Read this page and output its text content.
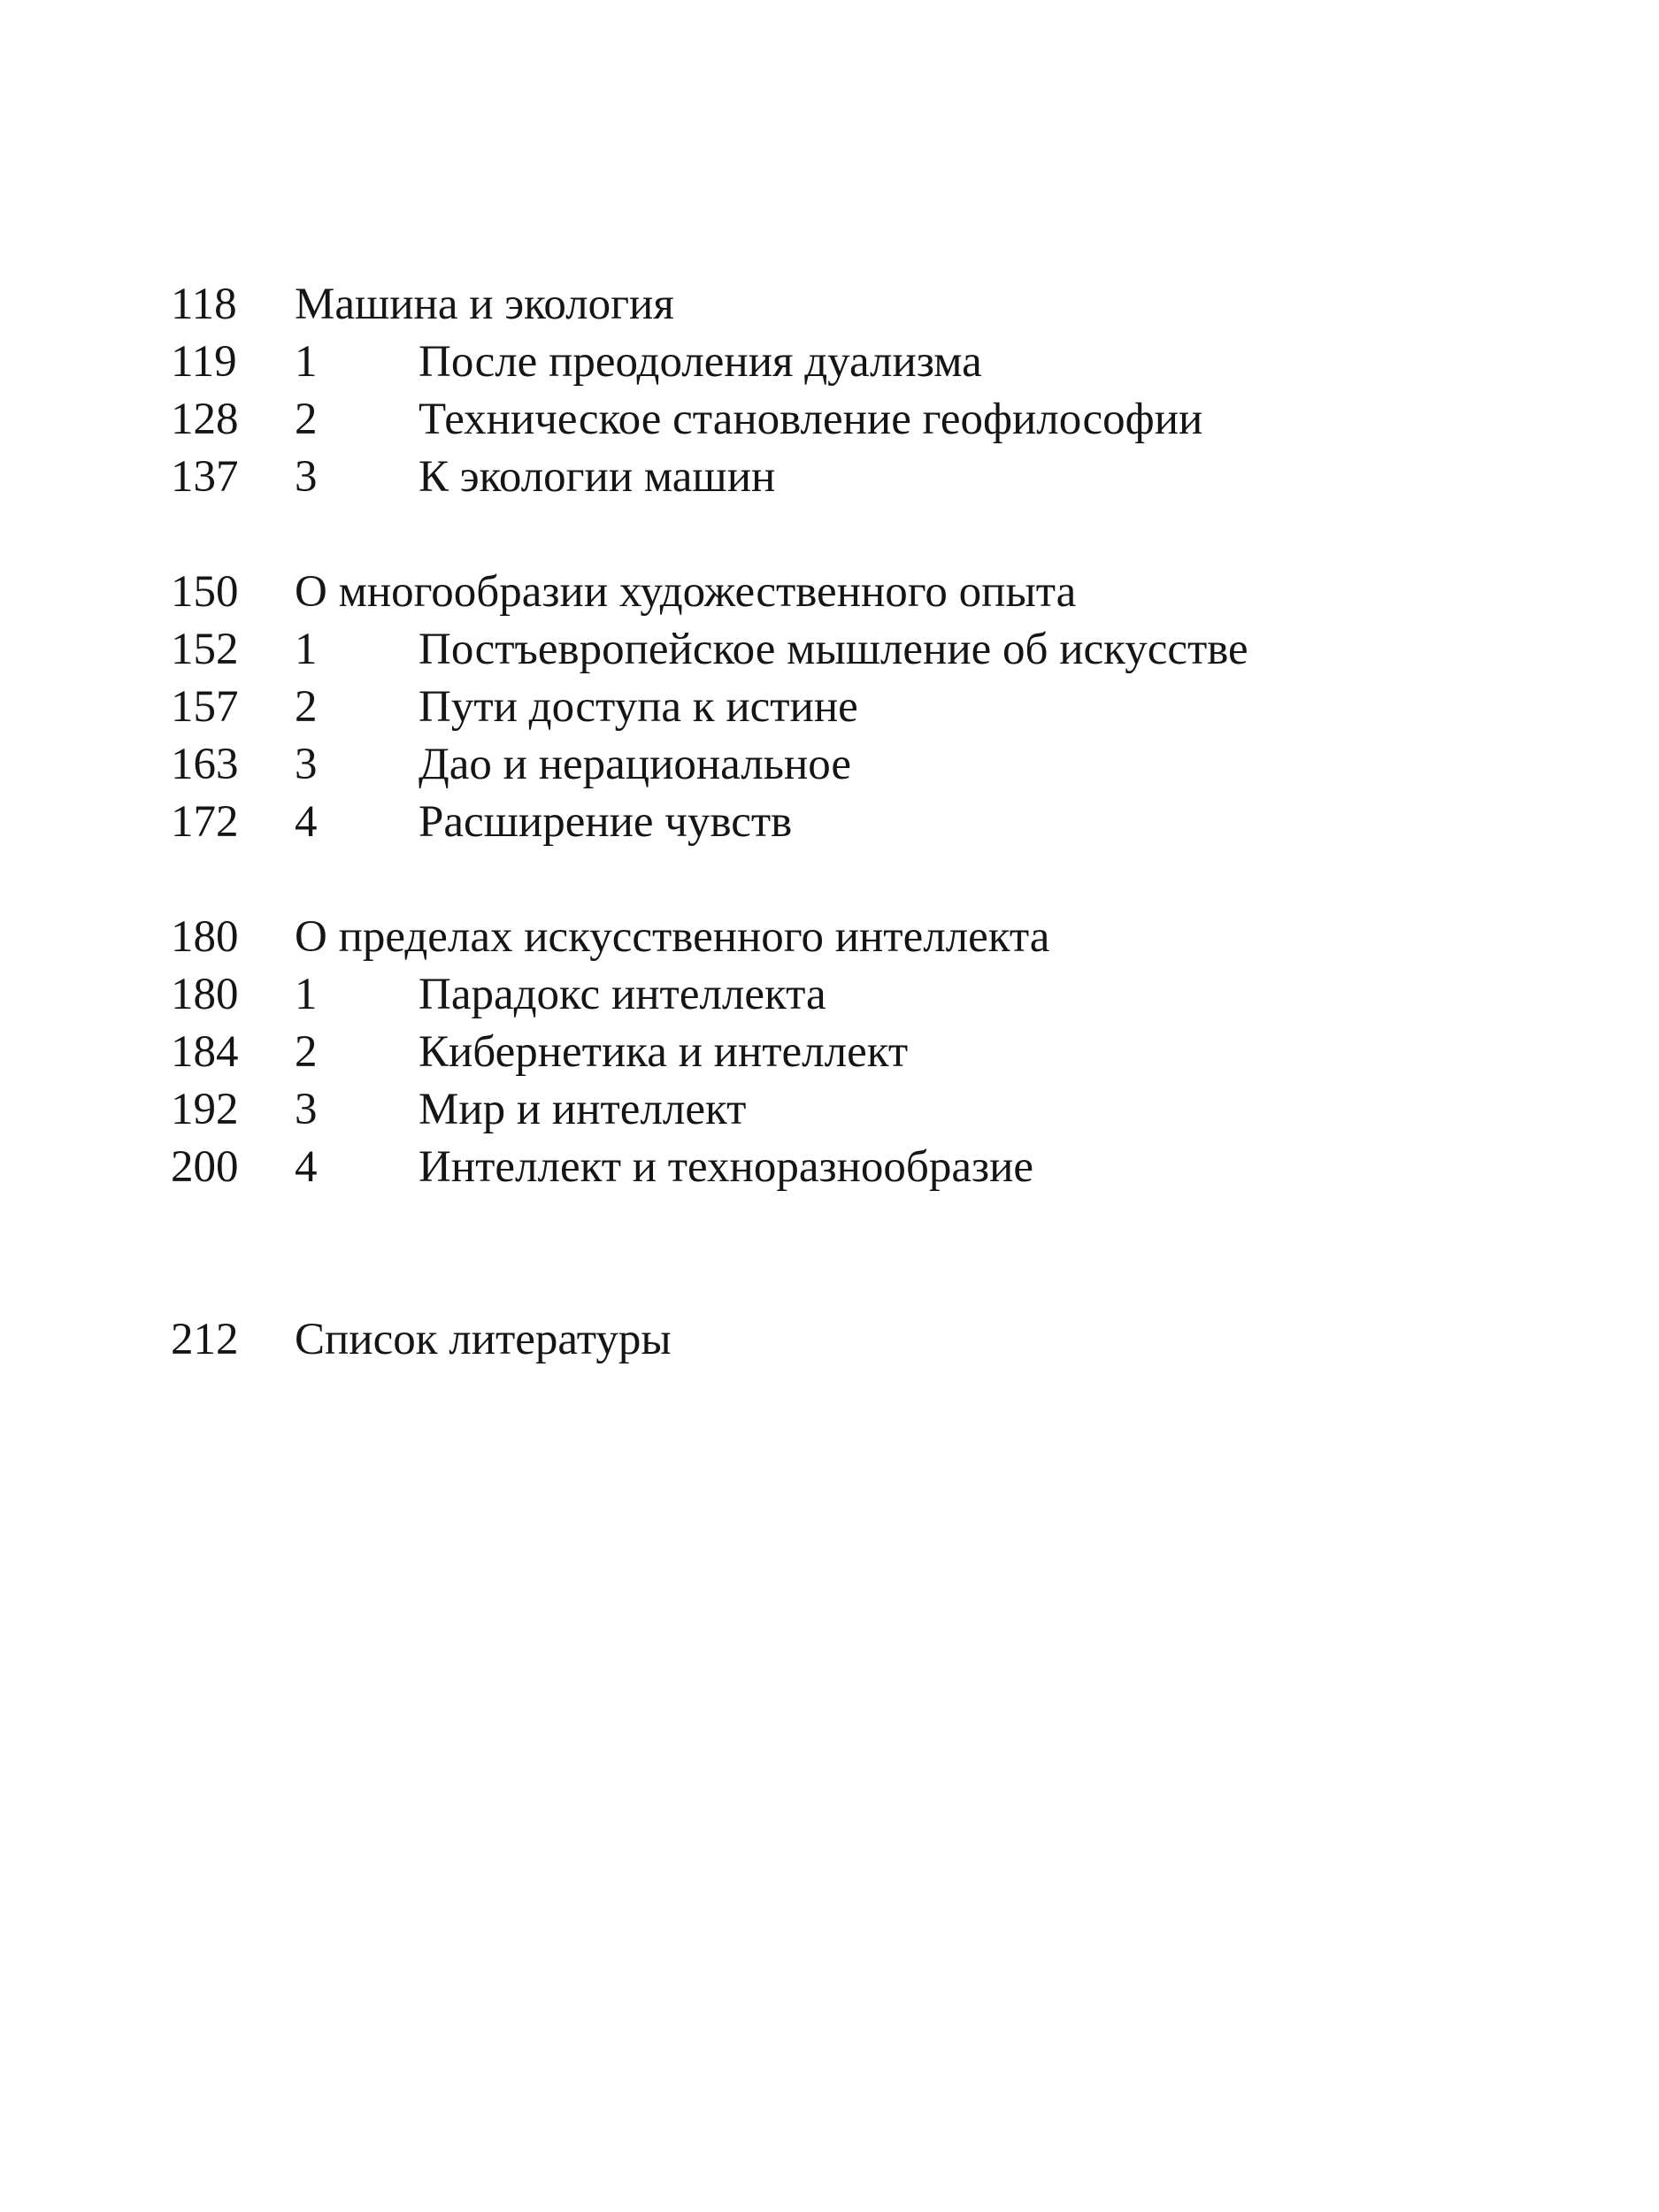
118	Машина и экология
119	1	После преодоления дуализма
128	2	Техническое становление геофилософии
137	3	К экологии машин
150	О многообразии художественного опыта
152	1	Постъевропейское мышление об искусстве
157	2	Пути доступа к истине
163	3	Дао и нерациональное
172	4	Расширение чувств
180	О пределах искусственного интеллекта
180	1	Парадокс интеллекта
184	2	Кибернетика и интеллект
192	3	Мир и интеллект
200	4	Интеллект и техноразнообразие
212	Список литературы
